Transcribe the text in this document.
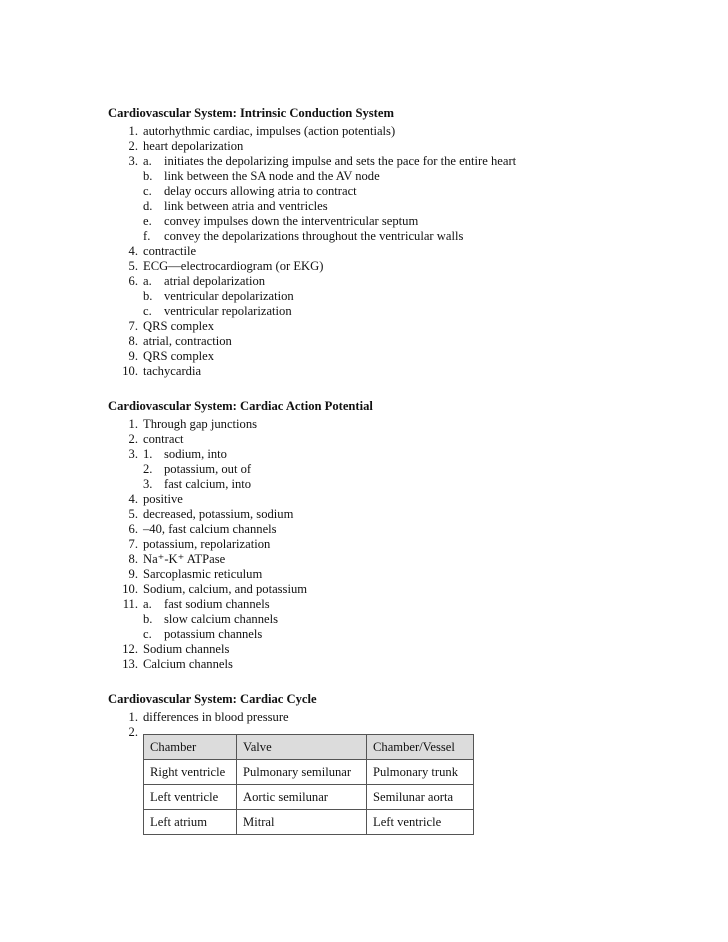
Cardiovascular System: Intrinsic Conduction System
1. autorhythmic cardiac, impulses (action potentials)
2. heart depolarization
3. a. initiates the depolarizing impulse and sets the pace for the entire heart
b. link between the SA node and the AV node
c. delay occurs allowing atria to contract
d. link between atria and ventricles
e. convey impulses down the interventricular septum
f. convey the depolarizations throughout the ventricular walls
4. contractile
5. ECG—electrocardiogram (or EKG)
6. a. atrial depolarization
b. ventricular depolarization
c. ventricular repolarization
7. QRS complex
8. atrial, contraction
9. QRS complex
10. tachycardia
Cardiovascular System: Cardiac Action Potential
1. Through gap junctions
2. contract
3. 1. sodium, into
2. potassium, out of
3. fast calcium, into
4. positive
5. decreased, potassium, sodium
6. –40, fast calcium channels
7. potassium, repolarization
8. Na⁺-K⁺ ATPase
9. Sarcoplasmic reticulum
10. Sodium, calcium, and potassium
11. a. fast sodium channels
b. slow calcium channels
c. potassium channels
12. Sodium channels
13. Calcium channels
Cardiovascular System: Cardiac Cycle
1. differences in blood pressure
2.
Chamber	Valve	Chamber/Vessel
Right ventricle	Pulmonary semilunar	Pulmonary trunk
Left ventricle	Aortic semilunar	Semilunar aorta
Left atrium	Mitral	Left ventricle
